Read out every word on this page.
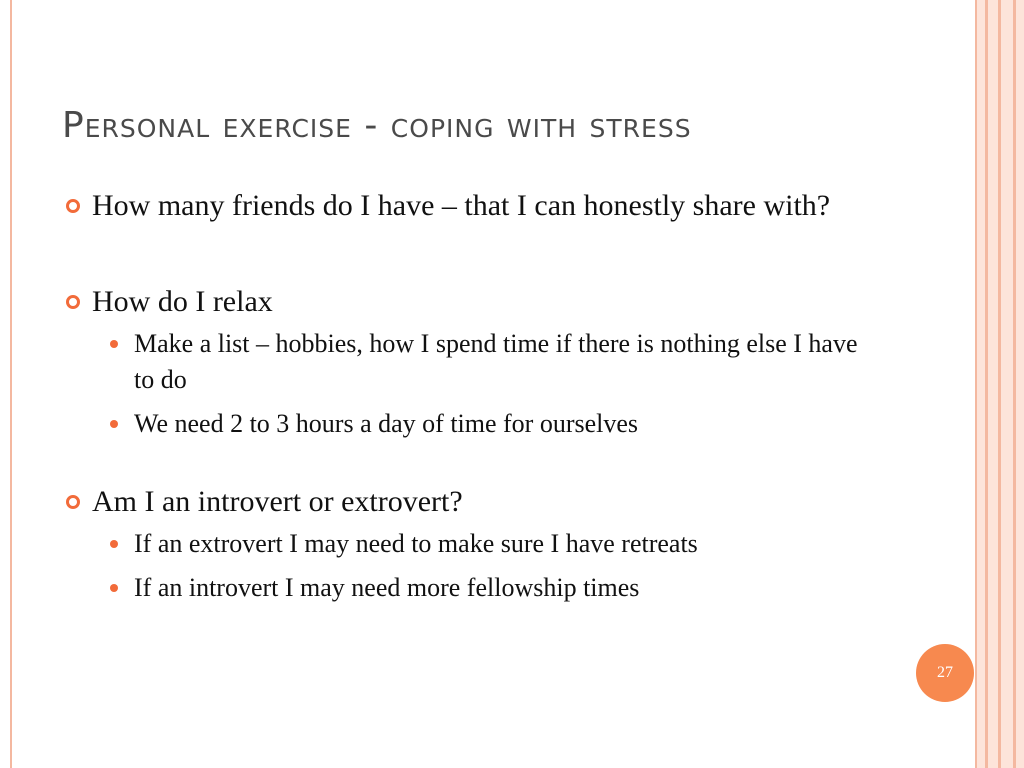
Personal exercise - coping with stress

How many friends do I have – that I can honestly share with?

How do I relax

Make a list – hobbies, how I spend time if there is nothing else I have to do

We need 2 to 3 hours a day of time for ourselves

Am I an introvert or extrovert?

If an extrovert I may need to make sure I have retreats

If an introvert I may need more fellowship times

27
